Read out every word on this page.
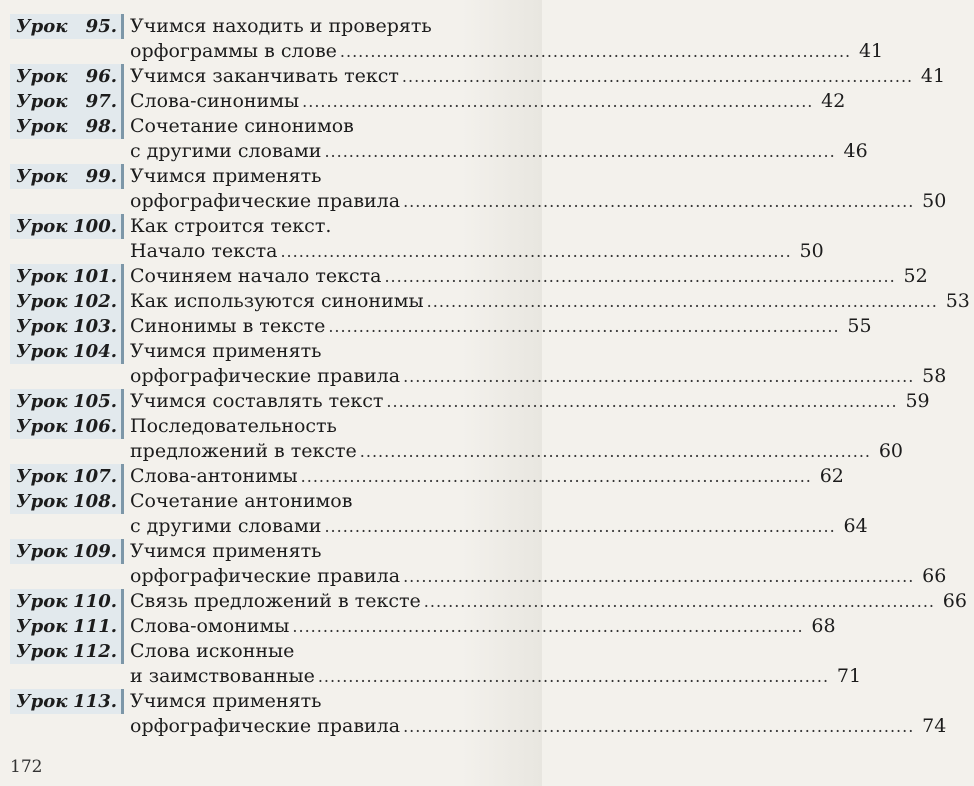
Урок 95. Учимся находить и проверять
орфограммы в слове .....	41
Урок 96. Учимся заканчивать текст .....	41
Урок 97. Слова-синонимы .....	42
Урок 98. Сочетание синонимов
с другими словами .....	46
Урок 99. Учимся применять
орфографические правила .....	50
Урок 100. Как строится текст.
Начало текста .....	50
Урок 101. Сочиняем начало текста .....	52
Урок 102. Как используются синонимы .....	53
Урок 103. Синонимы в тексте .....	55
Урок 104. Учимся применять
орфографические правила .....	58
Урок 105. Учимся составлять текст .....	59
Урок 106. Последовательность
предложений в тексте .....	60
Урок 107. Слова-антонимы .....	62
Урок 108. Сочетание антонимов
с другими словами .....	64
Урок 109. Учимся применять
орфографические правила .....	66
Урок 110. Связь предложений в тексте .....	66
Урок 111. Слова-омонимы .....	68
Урок 112. Слова исконные
и заимствованные .....	71
Урок 113. Учимся применять
орфографические правила .....	74
172
